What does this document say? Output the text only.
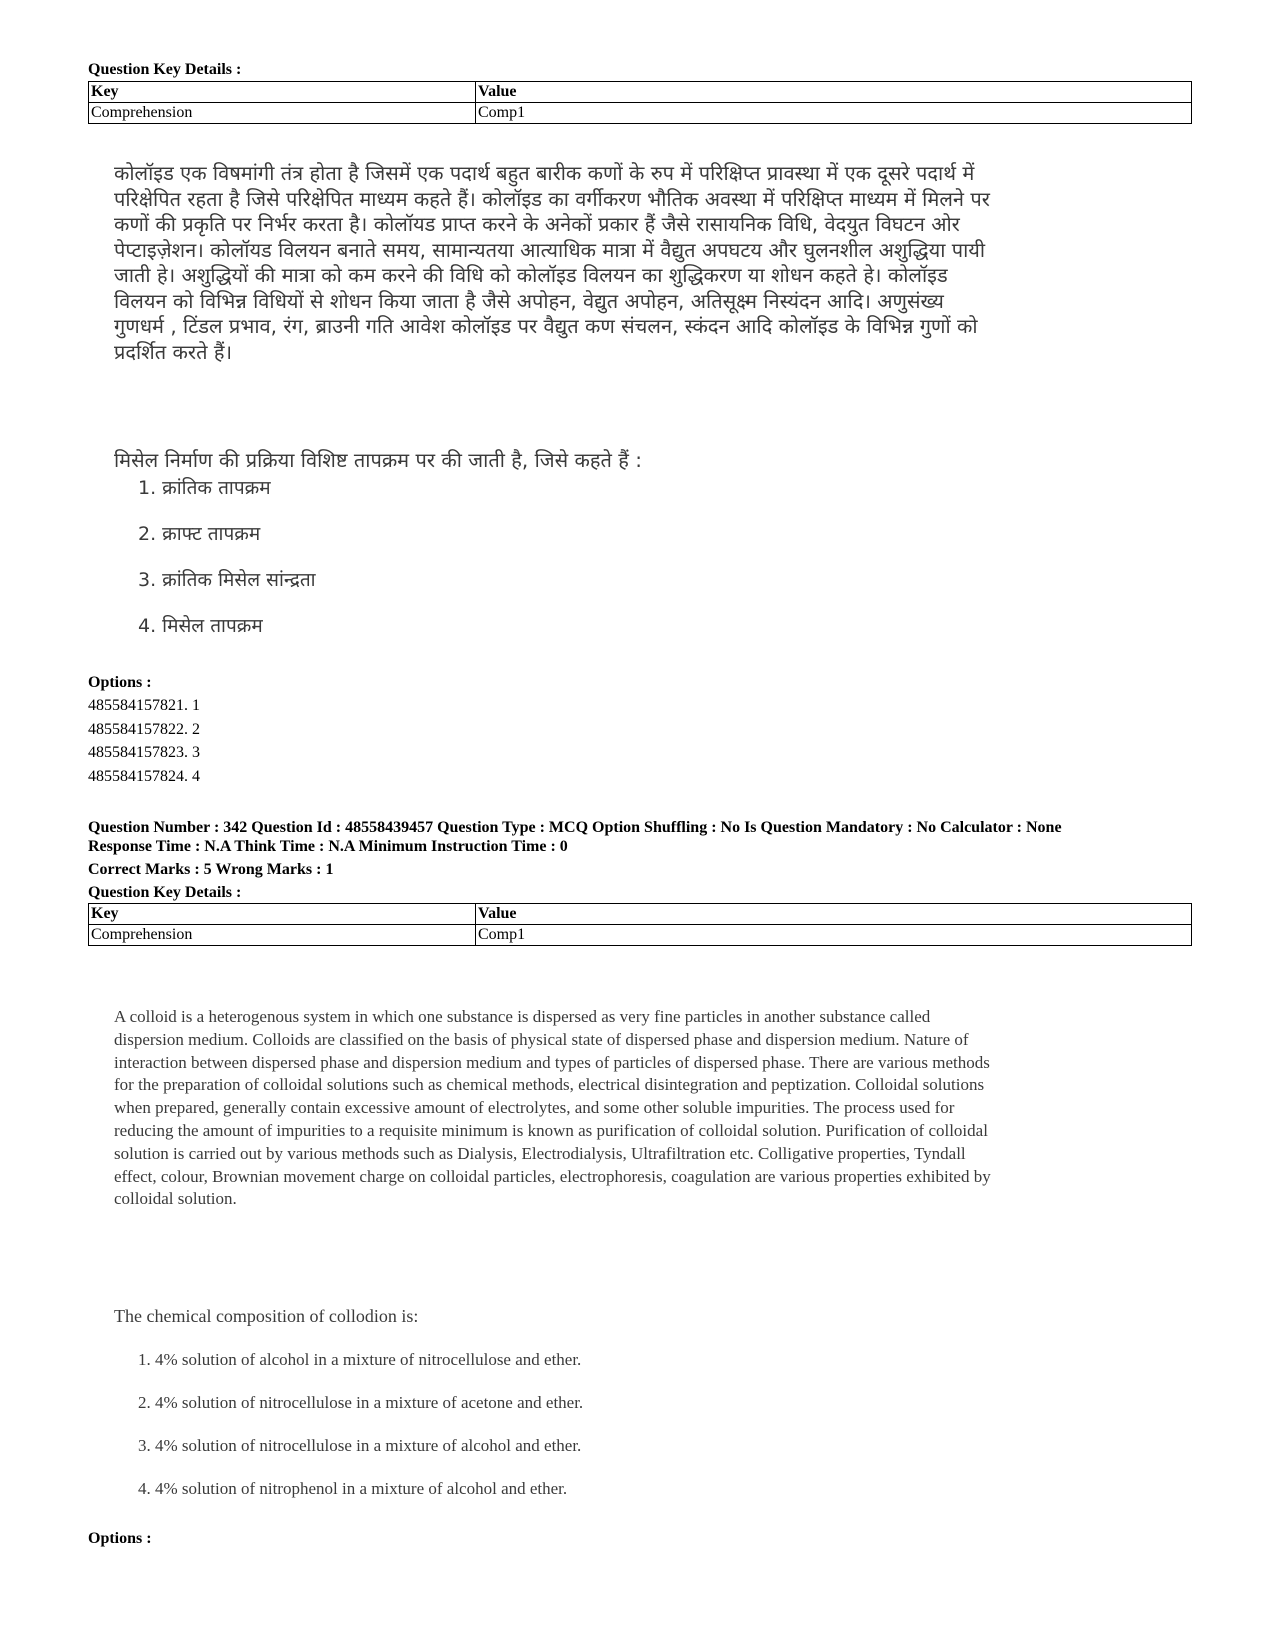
Question Key Details :
Key	Value
Comprehension	Comp1
कोलॉइड एक विषमांगी तंत्र होता है जिसमें एक पदार्थ बहुत बारीक कणों के रुप में परिक्षिप्त प्रावस्था में एक दूसरे पदार्थ में परिक्षेपित रहता है जिसे परिक्षेपित माध्यम कहते हैं। कोलॉइड का वर्गीकरण भौतिक अवस्था में परिक्षिप्त माध्यम में मिलने पर कणों की प्रकृति पर निर्भर करता है। कोलॉयड प्राप्त करने के अनेकों प्रकार हैं जैसे रासायनिक विधि, वेदयुत विघटन ओर पेप्टाइज़ेशन। कोलॉयड विलयन बनाते समय, सामान्यतया आत्याधिक मात्रा में वैद्युत अपघटय और घुलनशील अशुद्धिया पायी जाती हे। अशुद्धियों की मात्रा को कम करने की विधि को कोलॉइड विलयन का शुद्धिकरण या शोधन कहते हे। कोलॉइड विलयन को विभिन्न विधियों से शोधन किया जाता है जैसे अपोहन, वेद्युत अपोहन, अतिसूक्ष्म निस्यंदन आदि। अणुसंख्य गुणधर्म , टिंडल प्रभाव, रंग, ब्राउनी गति आवेश कोलॉइड पर वैद्युत कण संचलन, स्कंदन आदि कोलॉइड के विभिन्न गुणों को प्रदर्शित करते हैं।
मिसेल निर्माण की प्रक्रिया विशिष्ट तापक्रम पर की जाती है, जिसे कहते हैं :
1. क्रांतिक तापक्रम
2. क्राफ्ट तापक्रम
3. क्रांतिक मिसेल सांन्द्रता
4. मिसेल तापक्रम
Options :
485584157821. 1
485584157822. 2
485584157823. 3
485584157824. 4
Question Number : 342 Question Id : 48558439457 Question Type : MCQ Option Shuffling : No Is Question Mandatory : No Calculator : None
Response Time : N.A Think Time : N.A Minimum Instruction Time : 0
Correct Marks : 5 Wrong Marks : 1
Question Key Details :
Key	Value
Comprehension	Comp1
A colloid is a heterogenous system in which one substance is dispersed as very fine particles in another substance called dispersion medium. Colloids are classified on the basis of physical state of dispersed phase and dispersion medium. Nature of interaction between dispersed phase and dispersion medium and types of particles of dispersed phase. There are various methods for the preparation of colloidal solutions such as chemical methods, electrical disintegration and peptization. Colloidal solutions when prepared, generally contain excessive amount of electrolytes, and some other soluble impurities. The process used for reducing the amount of impurities to a requisite minimum is known as purification of colloidal solution. Purification of colloidal solution is carried out by various methods such as Dialysis, Electrodialysis, Ultrafiltration etc. Colligative properties, Tyndall effect, colour, Brownian movement charge on colloidal particles, electrophoresis, coagulation are various properties exhibited by colloidal solution.
The chemical composition of collodion is:
1. 4% solution of alcohol in a mixture of nitrocellulose and ether.
2. 4% solution of nitrocellulose in a mixture of acetone and ether.
3. 4% solution of nitrocellulose in a mixture of alcohol and ether.
4. 4% solution of nitrophenol in a mixture of alcohol and ether.
Options :
